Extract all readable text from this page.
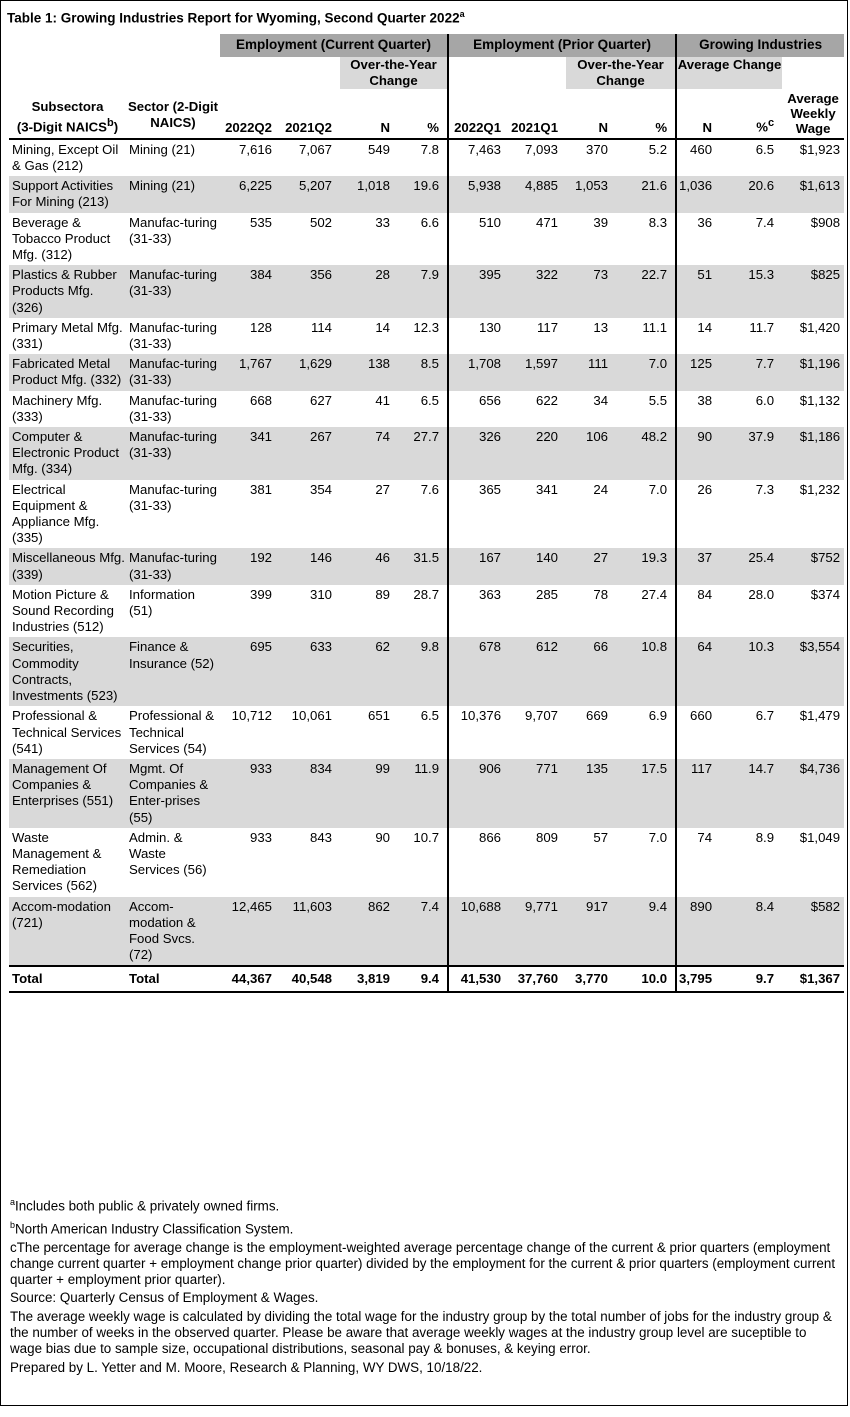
Table 1: Growing Industries Report for Wyoming, Second Quarter 2022$^a$
		Employment (Current Quarter)				Employment (Prior Quarter)				Growing Industries		
				Over-the-Year Change				Over-the-Year Change		Average Change		
Subsectora
(3-Digit NAICS$^b$)	Sector (2-Digit NAICS)	2022Q2	2021Q2	N	%	2022Q1	2021Q1	N	%	N	%$^c$	Average Weekly Wage
Mining, Except Oil & Gas (212)	Mining (21)	7,616	7,067	549	7.8	7,463	7,093	370	5.2	460	6.5	$1,923
Support Activities For Mining (213)	Mining (21)	6,225	5,207	1,018	19.6	5,938	4,885	1,053	21.6	1,036	20.6	$1,613
Beverage & Tobacco Product Mfg. (312)	Manufac-turing (31-33)	535	502	33	6.6	510	471	39	8.3	36	7.4	$908
Plastics & Rubber Products Mfg. (326)	Manufac-turing (31-33)	384	356	28	7.9	395	322	73	22.7	51	15.3	$825
Primary Metal Mfg. (331)	Manufac-turing (31-33)	128	114	14	12.3	130	117	13	11.1	14	11.7	$1,420
Fabricated Metal Product Mfg. (332)	Manufac-turing (31-33)	1,767	1,629	138	8.5	1,708	1,597	111	7.0	125	7.7	$1,196
Machinery Mfg. (333)	Manufac-turing (31-33)	668	627	41	6.5	656	622	34	5.5	38	6.0	$1,132
Computer & Electronic Product Mfg. (334)	Manufac-turing (31-33)	341	267	74	27.7	326	220	106	48.2	90	37.9	$1,186
Electrical Equipment & Appliance Mfg. (335)	Manufac-turing (31-33)	381	354	27	7.6	365	341	24	7.0	26	7.3	$1,232
Miscellaneous Mfg. (339)	Manufac-turing (31-33)	192	146	46	31.5	167	140	27	19.3	37	25.4	$752
Motion Picture & Sound Recording Industries (512)	Information (51)	399	310	89	28.7	363	285	78	27.4	84	28.0	$374
Securities, Commodity Contracts, Investments (523)	Finance & Insurance (52)	695	633	62	9.8	678	612	66	10.8	64	10.3	$3,554
Professional & Technical Services (541)	Professional & Technical Services (54)	10,712	10,061	651	6.5	10,376	9,707	669	6.9	660	6.7	$1,479
Management Of Companies & Enterprises (551)	Mgmt. Of Companies & Enter-prises (55)	933	834	99	11.9	906	771	135	17.5	117	14.7	$4,736
Waste Management & Remediation Services (562)	Admin. & Waste Services (56)	933	843	90	10.7	866	809	57	7.0	74	8.9	$1,049
Accom-modation (721)	Accom-modation & Food Svcs. (72)	12,465	11,603	862	7.4	10,688	9,771	917	9.4	890	8.4	$582
Total	Total	44,367	40,548	3,819	9.4	41,530	37,760	3,770	10.0	3,795	9.7	$1,367

$^a$Includes both public & privately owned firms.

$^b$North American Industry Classification System.

cThe percentage for average change is the employment-weighted average percentage change of the current & prior quarters (employment change current quarter + employment change prior quarter) divided by the employment for the current & prior quarters (employment current quarter + employment prior quarter).

Source: Quarterly Census of Employment & Wages.

The average weekly wage is calculated by dividing the total wage for the industry group by the total number of jobs for the industry group & the number of weeks in the observed quarter. Please be aware that average weekly wages at the industry group level are suceptible to wage bias due to sample size, occupational distributions, seasonal pay & bonuses, & keying error.

Prepared by L. Yetter and M. Moore, Research & Planning, WY DWS, 10/18/22.
